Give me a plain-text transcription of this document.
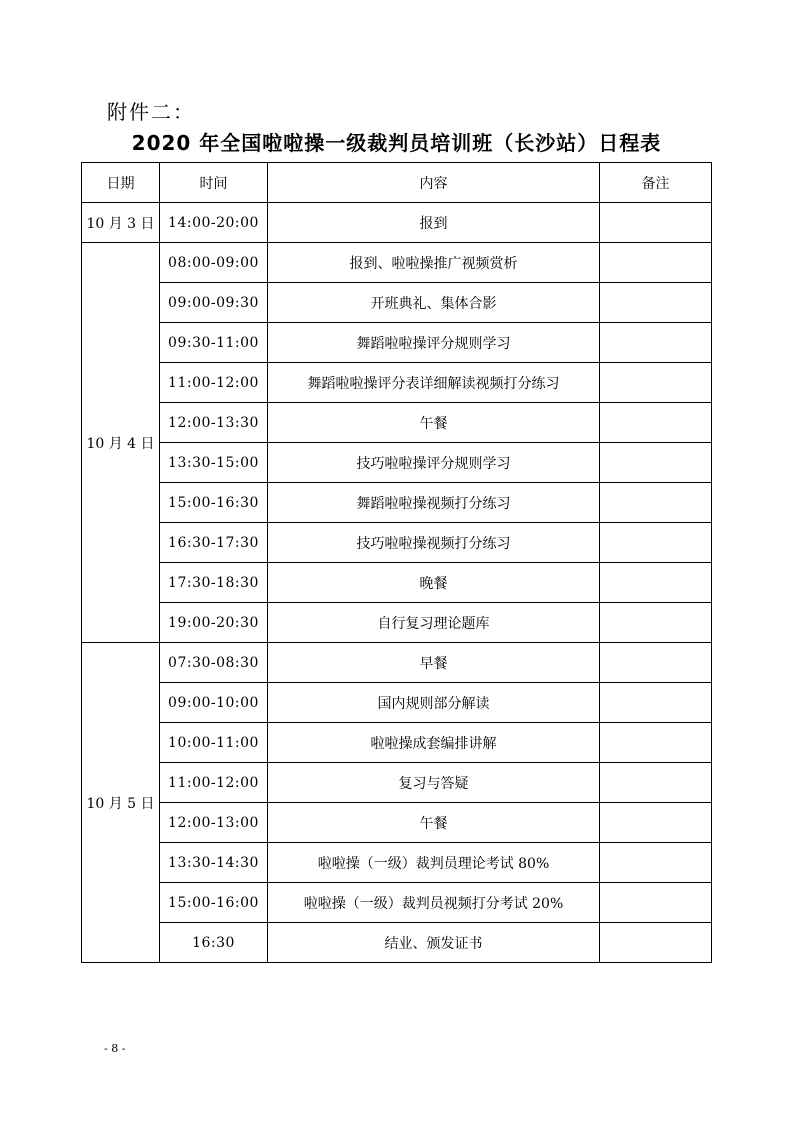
附件二：
2020 年全国啦啦操一级裁判员培训班（长沙站）日程表
日期	时间	内容	备注
10 月 3 日	14:00-20:00	报到	
10 月 4 日	08:00-09:00	报到、啦啦操推广视频赏析	
	09:00-09:30	开班典礼、集体合影	
	09:30-11:00	舞蹈啦啦操评分规则学习	
	11:00-12:00	舞蹈啦啦操评分表详细解读视频打分练习	
	12:00-13:30	午餐	
	13:30-15:00	技巧啦啦操评分规则学习	
	15:00-16:30	舞蹈啦啦操视频打分练习	
	16:30-17:30	技巧啦啦操视频打分练习	
	17:30-18:30	晚餐	
	19:00-20:30	自行复习理论题库	
10 月 5 日	07:30-08:30	早餐	
	09:00-10:00	国内规则部分解读	
	10:00-11:00	啦啦操成套编排讲解	
	11:00-12:00	复习与答疑	
	12:00-13:00	午餐	
	13:30-14:30	啦啦操（一级）裁判员理论考试 80%	
	15:00-16:00	啦啦操（一级）裁判员视频打分考试 20%	
	16:30	结业、颁发证书	
- 8 -
